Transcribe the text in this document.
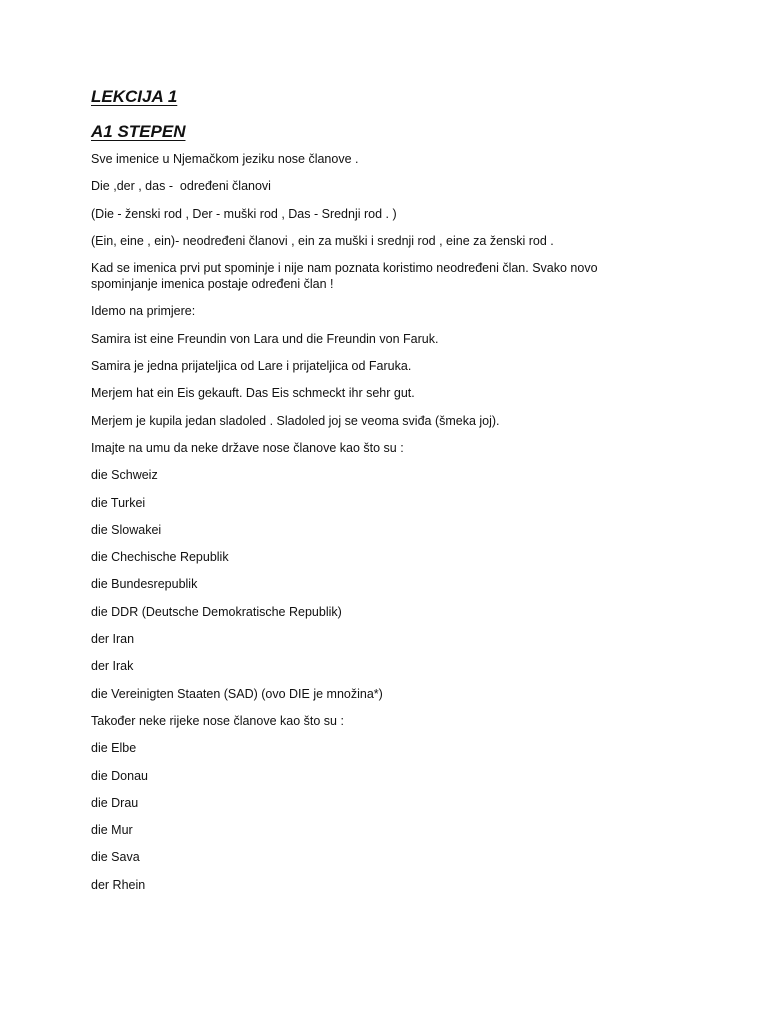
LEKCIJA 1
A1 STEPEN

Sve imenice u Njemačkom jeziku nose članove .

Die ,der , das -  određeni članovi

(Die - ženski rod , Der - muški rod , Das - Srednji rod . )

(Ein, eine , ein)- neodređeni članovi , ein za muški i srednji rod , eine za ženski rod .

Kad se imenica prvi put spominje i nije nam poznata koristimo neodređeni član. Svako novo spominjanje imenica postaje određeni član !

Idemo na primjere:

Samira ist eine Freundin von Lara und die Freundin von Faruk.

Samira je jedna prijateljica od Lare i prijateljica od Faruka.

Merjem hat ein Eis gekauft. Das Eis schmeckt ihr sehr gut.

Merjem je kupila jedan sladoled . Sladoled joj se veoma sviđa (šmeka joj).

Imajte na umu da neke države nose članove kao što su :

die Schweiz

die Turkei

die Slowakei

die Chechische Republik

die Bundesrepublik

die DDR (Deutsche Demokratische Republik)

der Iran

der Irak

die Vereinigten Staaten (SAD) (ovo DIE je množina*)

Također neke rijeke nose članove kao što su :

die Elbe

die Donau

die Drau

die Mur

die Sava

der Rhein
